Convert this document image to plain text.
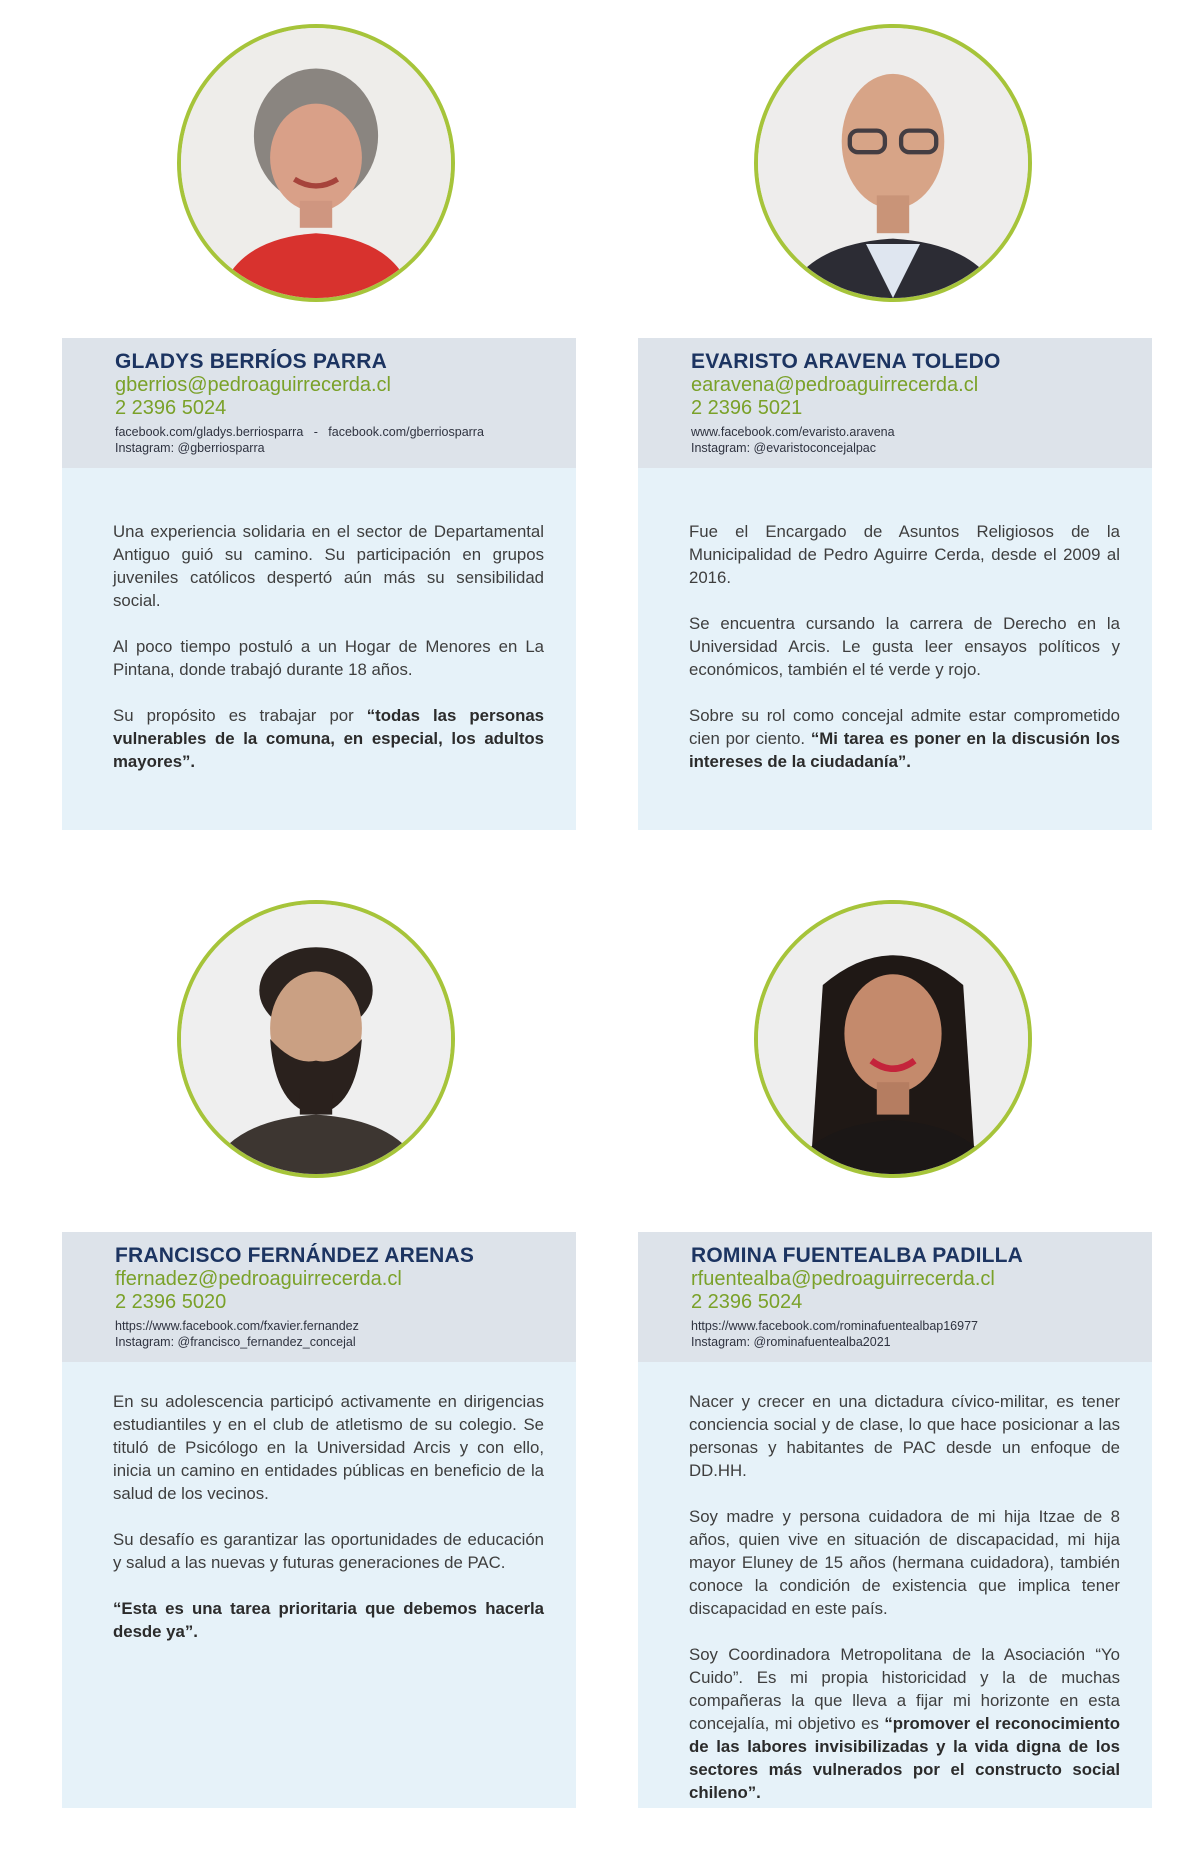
GLADYS BERRÍOS PARRA
gberrios@pedroaguirrecerda.cl
2 2396 5024
facebook.com/gladys.berriosparra   -   facebook.com/gberriosparra
Instagram: @gberriosparra

Una experiencia solidaria en el sector de Departamental Antiguo guió su camino. Su participación en grupos juveniles católicos despertó aún más su sensibilidad social.

Al poco tiempo postuló a un Hogar de Menores en La Pintana, donde trabajó durante 18 años.

Su propósito es trabajar por “todas las personas vulnerables de la comuna, en especial, los adultos mayores”.

EVARISTO ARAVENA TOLEDO
earavena@pedroaguirrecerda.cl
2 2396 5021
www.facebook.com/evaristo.aravena
Instagram: @evaristoconcejalpac

Fue el Encargado de Asuntos Religiosos de la Municipalidad de Pedro Aguirre Cerda, desde el 2009 al 2016.

Se encuentra cursando la carrera de Derecho en la Universidad Arcis. Le gusta leer ensayos políticos y económicos, también el té verde y rojo.

Sobre su rol como concejal admite estar comprometido cien por ciento. “Mi tarea es poner en la discusión los intereses de la ciudadanía”.

FRANCISCO FERNÁNDEZ ARENAS
ffernadez@pedroaguirrecerda.cl
2 2396 5020
https://www.facebook.com/fxavier.fernandez
Instagram: @francisco_fernandez_concejal

En su adolescencia participó activamente en dirigencias estudiantiles y en el club de atletismo de su colegio. Se tituló de Psicólogo en la Universidad Arcis y con ello, inicia un camino en entidades públicas en beneficio de la salud de los vecinos.

Su desafío es garantizar las oportunidades de educación y salud a las nuevas y futuras generaciones de PAC.

“Esta es una tarea prioritaria que debemos hacerla desde ya”.

ROMINA FUENTEALBA PADILLA
rfuentealba@pedroaguirrecerda.cl
2 2396 5024
https://www.facebook.com/rominafuentealbap16977
Instagram: @rominafuentealba2021

Nacer y crecer en una dictadura cívico-militar, es tener conciencia social y de clase, lo que hace posicionar a las personas y habitantes de PAC desde un enfoque de DD.HH.

Soy madre y persona cuidadora de mi hija Itzae de 8 años, quien vive en situación de discapacidad, mi hija mayor Eluney de 15 años (hermana cuidadora), también conoce la condición de existencia que implica tener discapacidad en este país.

Soy Coordinadora Metropolitana de la Asociación “Yo Cuido”. Es mi propia historicidad y la de muchas compañeras la que lleva a fijar mi horizonte en esta concejalía, mi objetivo es “promover el reconocimiento de las labores invisibilizadas y la vida digna de los sectores más vulnerados por el constructo social chileno”.
